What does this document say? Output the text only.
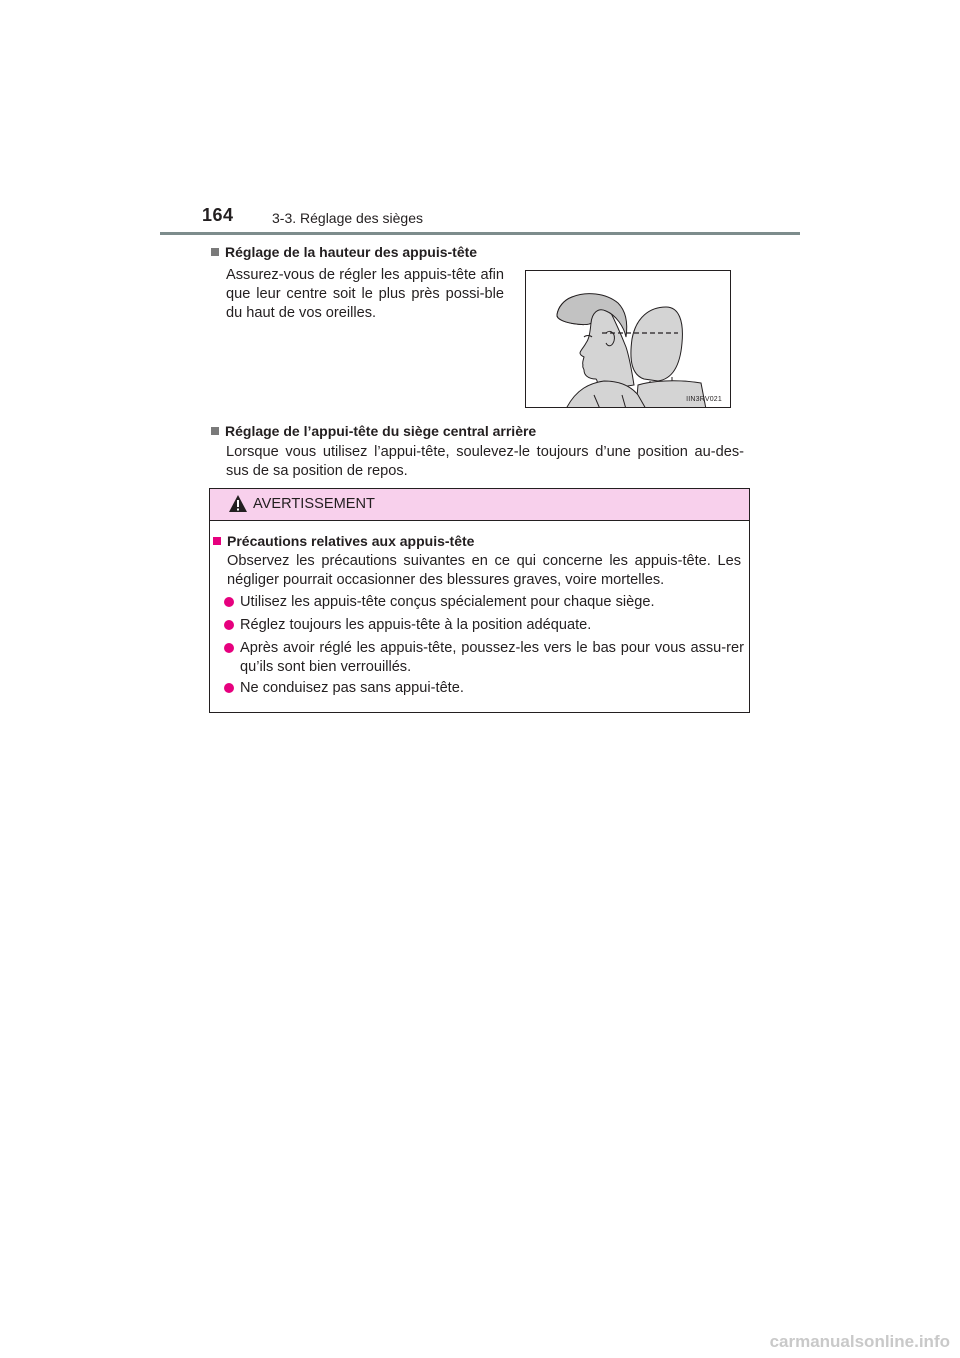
164	3-3. Réglage des sièges
Réglage de la hauteur des appuis-tête
Assurez-vous de régler les appuis-tête afin que leur centre soit le plus près possi-ble du haut de vos oreilles.
IIN3RV021
Réglage de l’appui-tête du siège central arrière
Lorsque vous utilisez l’appui-tête, soulevez-le toujours d’une position au-des-sus de sa position de repos.
AVERTISSEMENT
Précautions relatives aux appuis-tête
Observez les précautions suivantes en ce qui concerne les appuis-tête. Les négliger pourrait occasionner des blessures graves, voire mortelles.
Utilisez les appuis-tête conçus spécialement pour chaque siège.
Réglez toujours les appuis-tête à la position adéquate.
Après avoir réglé les appuis-tête, poussez-les vers le bas pour vous assu-rer qu’ils sont bien verrouillés.
Ne conduisez pas sans appui-tête.
carmanualsonline.info
